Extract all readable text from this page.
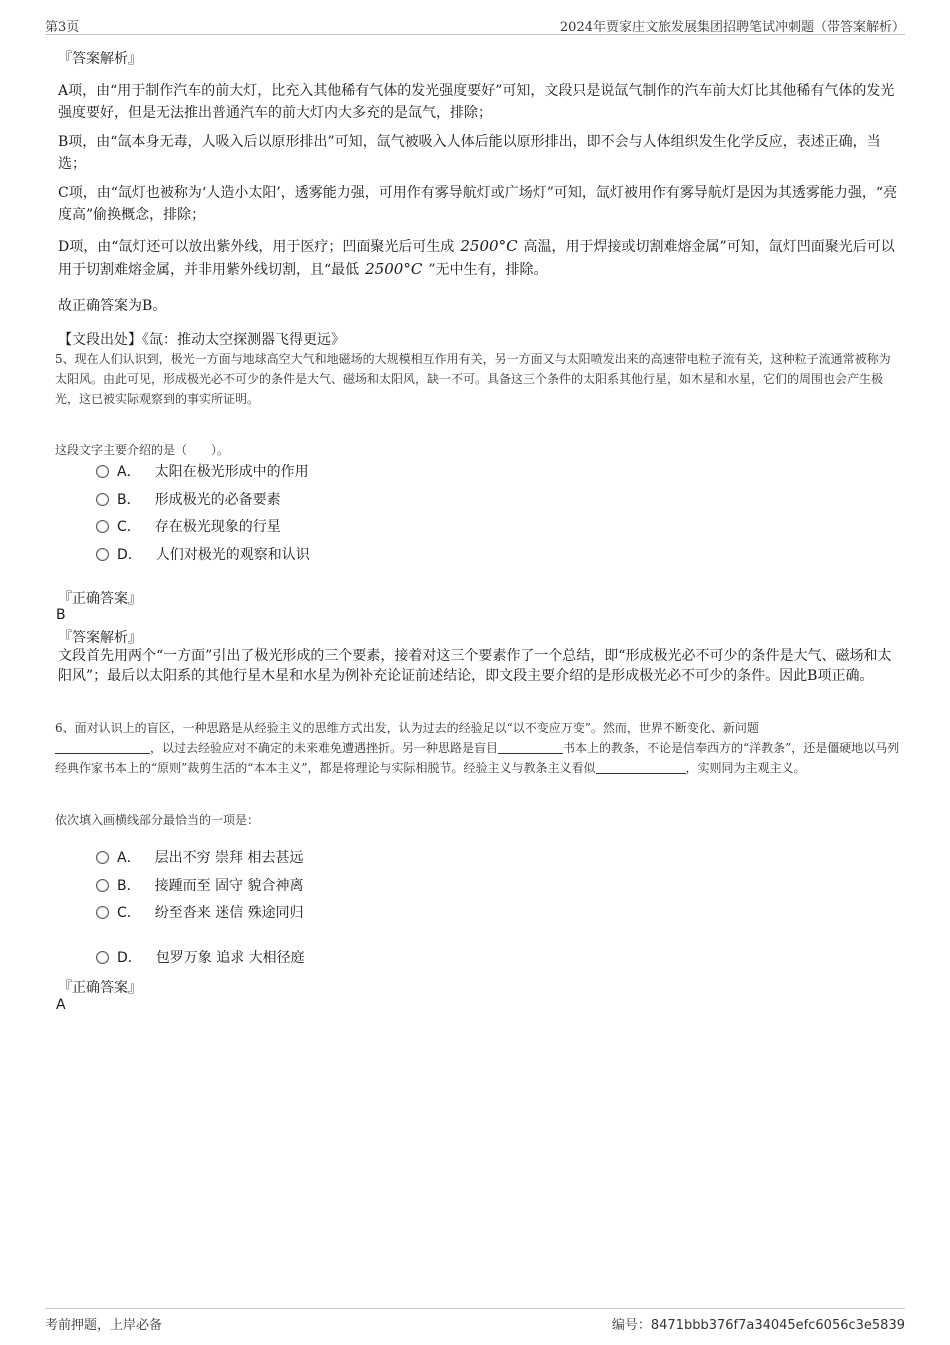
第3页	2024年贾家庄文旅发展集团招聘笔试冲刺题（带答案解析）
『答案解析』
A项，由“用于制作汽车的前大灯，比充入其他稀有气体的发光强度要好”可知，文段只是说氙气制作的汽车前大灯比其他稀有气体的发光强度要好，但是无法推出普通汽车的前大灯内大多充的是氙气，排除；
B项，由“氙本身无毒，人吸入后以原形排出”可知，氙气被吸入人体后能以原形排出，即不会与人体组织发生化学反应，表述正确，当选；
C项，由“氙灯也被称为‘人造小太阳’，透雾能力强，可用作有雾导航灯或广场灯”可知，氙灯被用作有雾导航灯是因为其透雾能力强，“亮度高”偷换概念，排除；
D项，由“氙灯还可以放出紫外线，用于医疗；凹面聚光后可生成 2500°C 高温，用于焊接或切割难熔金属”可知，氙灯凹面聚光后可以用于切割难熔金属，并非用紫外线切割，且“最低 2500°C ”无中生有，排除。
故正确答案为B。
【文段出处】《氙：推动太空探测器飞得更远》
5、现在人们认识到，极光一方面与地球高空大气和地磁场的大规模相互作用有关，另一方面又与太阳喷发出来的高速带电粒子流有关，这种粒子流通常被称为太阳风。由此可见，形成极光必不可少的条件是大气、磁场和太阳风，缺一不可。具备这三个条件的太阳系其他行星，如木星和水星，它们的周围也会产生极光，这已被实际观察到的事实所证明。
这段文字主要介绍的是（　　）。
A． 太阳在极光形成中的作用
B． 形成极光的必备要素
C． 存在极光现象的行星
D． 人们对极光的观察和认识
『正确答案』
B
『答案解析』
文段首先用两个“一方面”引出了极光形成的三个要素，接着对这三个要素作了一个总结，即“形成极光必不可少的条件是大气、磁场和太阳风”；最后以太阳系的其他行星木星和水星为例补充论证前述结论，即文段主要介绍的是形成极光必不可少的条件。因此B项正确。
6、面对认识上的盲区，一种思路是从经验主义的思维方式出发，认为过去的经验足以“以不变应万变”。然而，世界不断变化、新问题
，以过去经验应对不确定的未来难免遭遇挫折。另一种思路是盲目	书本上的教条，不论是信奉西方的“洋教条”，还是僵硬地以马列经典作家书本上的“原则”裁剪生活的“本本主义”，都是将理论与实际相脱节。经验主义与教条主义看似	，实则同为主观主义。
依次填入画横线部分最恰当的一项是：
A． 层出不穷 崇拜 相去甚远
B． 接踵而至 固守 貌合神离
C． 纷至沓来 迷信 殊途同归
D． 包罗万象 追求 大相径庭
『正确答案』
A
考前押题，上岸必备	编号：8471bbb376f7a34045efc6056c3e5839
